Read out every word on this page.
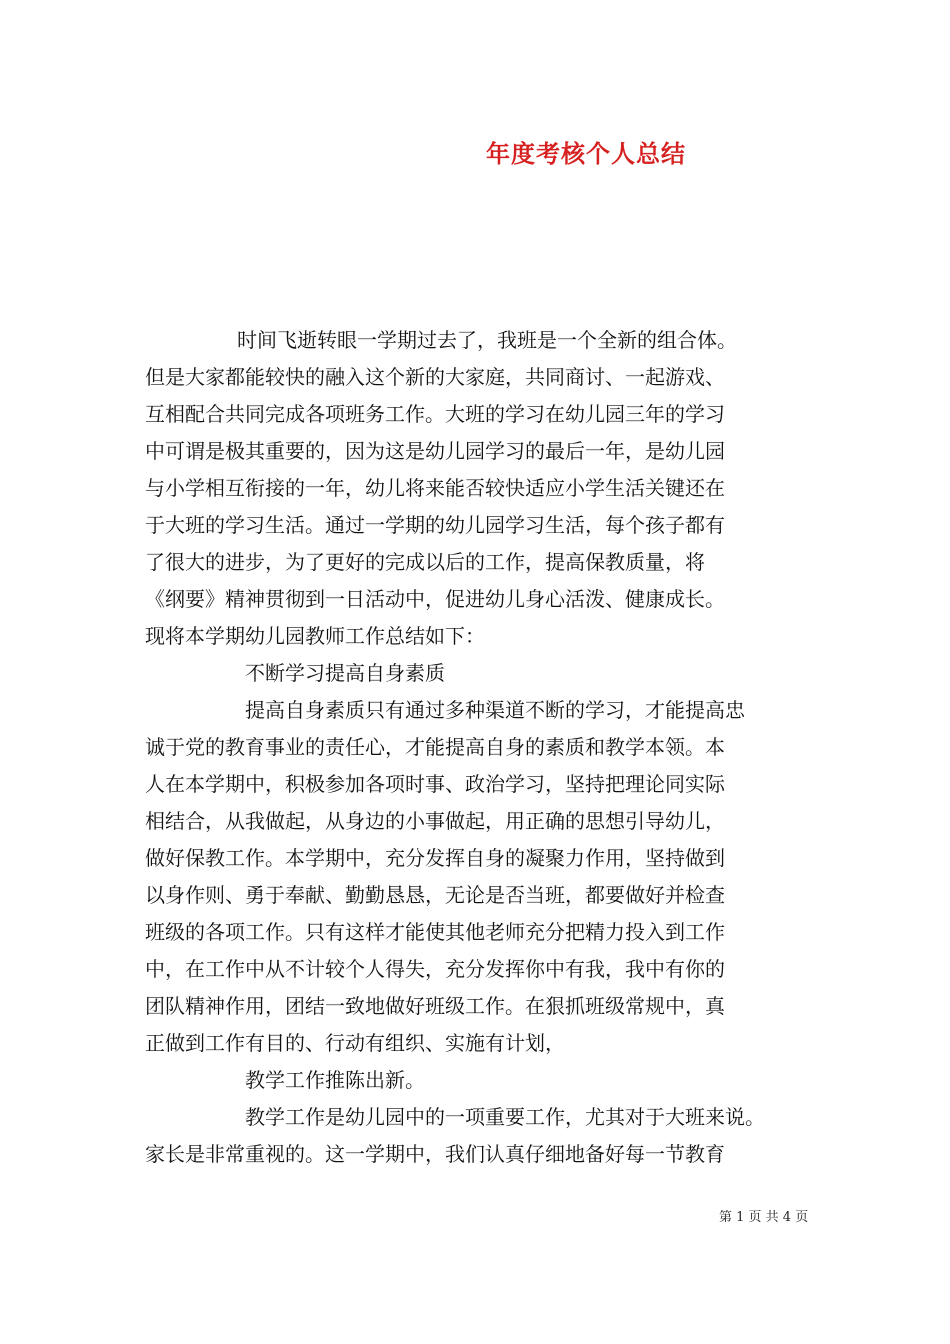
年度考核个人总结
时间飞逝转眼一学期过去了，我班是一个全新的组合体。
但是大家都能较快的融入这个新的大家庭，共同商讨、一起游戏、
互相配合共同完成各项班务工作。大班的学习在幼儿园三年的学习
中可谓是极其重要的，因为这是幼儿园学习的最后一年，是幼儿园
与小学相互衔接的一年，幼儿将来能否较快适应小学生活关键还在
于大班的学习生活。通过一学期的幼儿园学习生活，每个孩子都有
了很大的进步，为了更好的完成以后的工作，提高保教质量，将
《纲要》精神贯彻到一日活动中，促进幼儿身心活泼、健康成长。
现将本学期幼儿园教师工作总结如下：
不断学习提高自身素质
提高自身素质只有通过多种渠道不断的学习，才能提高忠
诚于党的教育事业的责任心，才能提高自身的素质和教学本领。本
人在本学期中，积极参加各项时事、政治学习，坚持把理论同实际
相结合，从我做起，从身边的小事做起，用正确的思想引导幼儿，
做好保教工作。本学期中，充分发挥自身的凝聚力作用，坚持做到
以身作则、勇于奉献、勤勤恳恳，无论是否当班，都要做好并检查
班级的各项工作。只有这样才能使其他老师充分把精力投入到工作
中，在工作中从不计较个人得失，充分发挥你中有我，我中有你的
团队精神作用，团结一致地做好班级工作。在狠抓班级常规中，真
正做到工作有目的、行动有组织、实施有计划，
教学工作推陈出新。
教学工作是幼儿园中的一项重要工作，尤其对于大班来说。
家长是非常重视的。这一学期中，我们认真仔细地备好每一节教育
第 1 页 共 4 页
